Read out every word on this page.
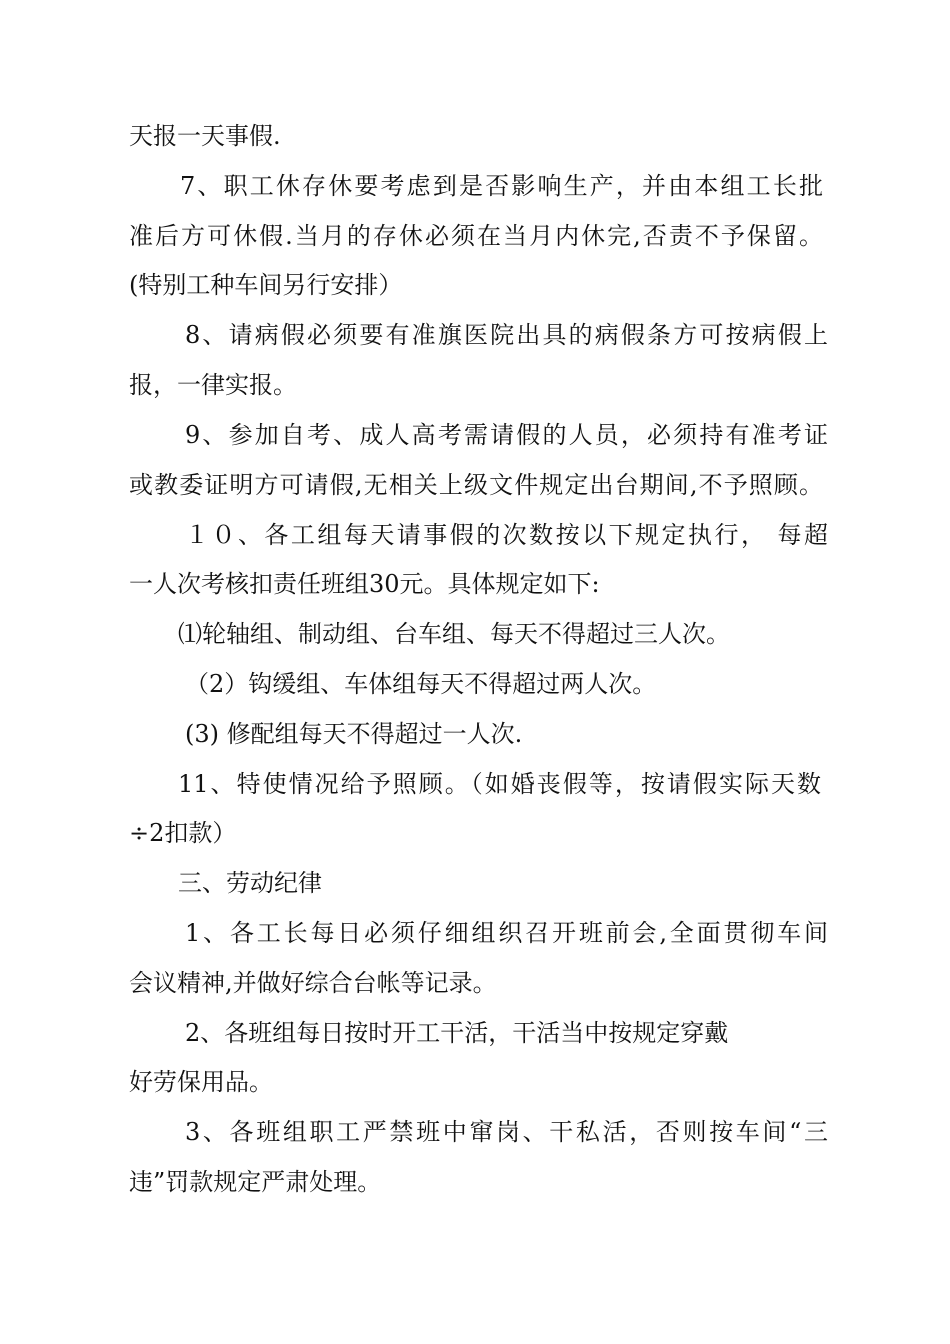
天报一天事假.
7、职工休存休要考虑到是否影响生产，并由本组工长批
准后方可休假.当月的存休必须在当月内休完,否责不予保留。
(特别工种车间另行安排）
8、请病假必须要有准旗医院出具的病假条方可按病假上
报，一律实报。
9、参加自考、成人高考需请假的人员，必须持有准考证
或教委证明方可请假,无相关上级文件规定出台期间,不予照顾。
１０、各工组每天请事假的次数按以下规定执行， 每超
一人次考核扣责任班组30元。具体规定如下:
⑴轮轴组、制动组、台车组、每天不得超过三人次。
（2）钩缓组、车体组每天不得超过两人次。
(3) 修配组每天不得超过一人次.
11、特使情况给予照顾。（如婚丧假等，按请假实际天数
÷2扣款）
三、劳动纪律
1、各工长每日必须仔细组织召开班前会,全面贯彻车间
会议精神,并做好综合台帐等记录。
2、各班组每日按时开工干活，干活当中按规定穿戴
好劳保用品。
3、各班组职工严禁班中窜岗、干私活，否则按车间“三
违”罚款规定严肃处理。
